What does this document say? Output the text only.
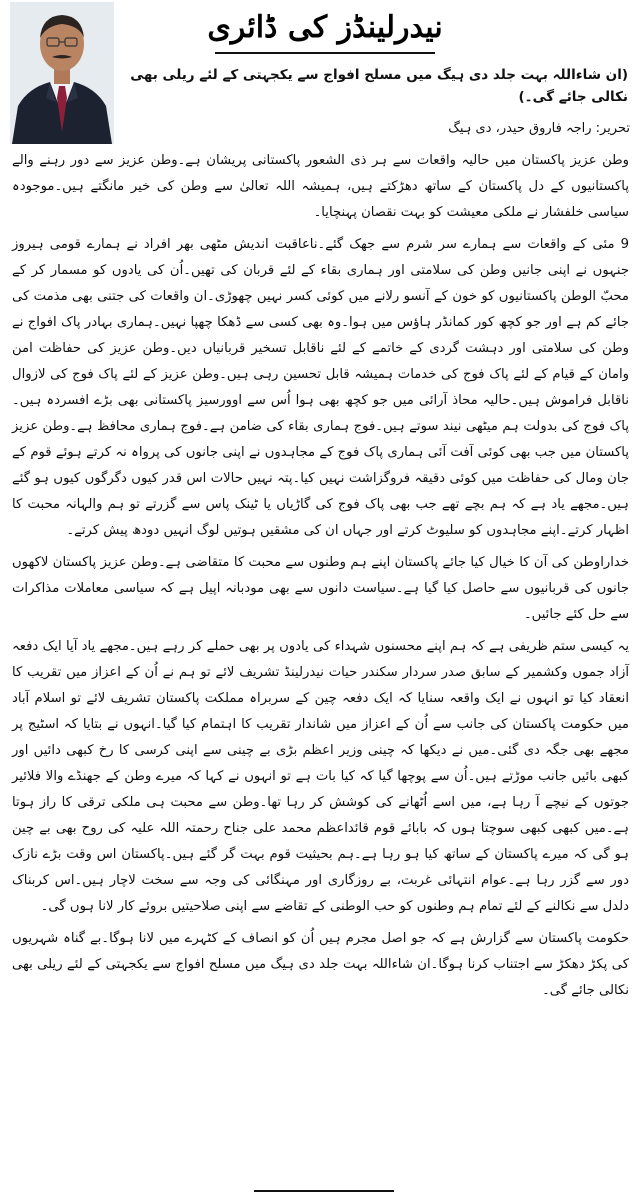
نیدرلینڈز کی ڈائری
(ان شاءاللہ بہت جلد دی ہیگ میں مسلح افواج سے یکجہتی کے لئے ریلی بھی نکالی جائے گی۔)
تحریر: راجہ فاروق حیدر، دی ہیگ

وطن عزیز پاکستان میں حالیہ واقعات سے ہر ذی الشعور پاکستانی پریشان ہے۔وطن عزیز سے دور رہنے والے پاکستانیوں کے دل پاکستان کے ساتھ دھڑکتے ہیں، ہمیشہ اللہ تعالیٰ سے وطن کی خیر مانگتے ہیں۔موجودہ سیاسی خلفشار نے ملکی معیشت کو بہت نقصان پہنچایا۔

9 مئی کے واقعات سے ہمارے سر شرم سے جھک گئے۔ناعاقبت اندیش مٹھی بھر افراد نے ہمارے قومی ہیروز جنہوں نے اپنی جانیں وطن کی سلامتی اور ہماری بقاء کے لئے قربان کی تھیں۔اُن کی یادوں کو مسمار کر کے محبّ الوطن پاکستانیوں کو خون کے آنسو رلانے میں کوئی کسر نہیں چھوڑی۔ان واقعات کی جتنی بھی مذمت کی جائے کم ہے اور جو کچھ کور کمانڈر ہاؤس میں ہوا۔وہ بھی کسی سے ڈھکا چھپا نہیں۔ہماری بہادر پاک افواج نے وطن کی سلامتی اور دہشت گردی کے خاتمے کے لئے ناقابل تسخیر قربانیاں دیں۔وطن عزیز کی حفاظت امن وامان کے قیام کے لئے پاک فوج کی خدمات ہمیشہ قابل تحسین رہی ہیں۔وطن عزیز کے لئے پاک فوج کی لازوال ناقابل فراموش ہیں۔حالیہ محاذ آرائی میں جو کچھ بھی ہوا اُس سے اوورسیز پاکستانی بھی بڑے افسردہ ہیں۔پاک فوج کی بدولت ہم میٹھی نیند سوتے ہیں۔فوج ہماری بقاء کی ضامن ہے۔فوج ہماری محافظ ہے۔وطن عزیز پاکستان میں جب بھی کوئی آفت آئی ہماری پاک فوج کے مجاہدوں نے اپنی جانوں کی پرواہ نہ کرتے ہوئے قوم کے جان ومال کی حفاظت میں کوئی دقیقہ فروگزاشت نہیں کیا۔پتہ نہیں حالات اس قدر کیوں دگرگوں کیوں ہو گئے ہیں۔مجھے یاد ہے کہ ہم بچے تھے جب بھی پاک فوج کی گاڑیاں یا ٹینک پاس سے گزرتے تو ہم والہانہ محبت کا اظہار کرتے۔اپنے مجاہدوں کو سلیوٹ کرتے اور جہاں ان کی مشقیں ہوتیں لوگ انہیں دودھ پیش کرتے۔

خداراوطن کی آن کا خیال کیا جائے پاکستان اپنے ہم وطنوں سے محبت کا متقاضی ہے۔وطن عزیز پاکستان لاکھوں جانوں کی قربانیوں سے حاصل کیا گیا ہے۔سیاست دانوں سے بھی مودبانہ اپیل ہے کہ سیاسی معاملات مذاکرات سے حل کئے جائیں۔

یہ کیسی ستم ظریفی ہے کہ ہم اپنے محسنوں شہداء کی یادوں پر بھی حملے کر رہے ہیں۔مجھے یاد آیا ایک دفعہ آزاد جموں وکشمیر کے سابق صدر سردار سکندر حیات نیدرلینڈ تشریف لائے تو ہم نے اُن کے اعزاز میں تقریب کا انعقاد کیا تو انہوں نے ایک واقعہ سنایا کہ ایک دفعہ چین کے سربراہ مملکت پاکستان تشریف لائے تو اسلام آباد میں حکومت پاکستان کی جانب سے اُن کے اعزاز میں شاندار تقریب کا اہتمام کیا گیا۔انہوں نے بتایا کہ اسٹیج پر مجھے بھی جگہ دی گئی۔میں نے دیکھا کہ چینی وزیر اعظم بڑی بے چینی سے اپنی کرسی کا رخ کبھی دائیں اور کبھی بائیں جانب موڑتے ہیں۔اُن سے پوچھا گیا کہ کیا بات ہے تو انہوں نے کہا کہ میرے وطن کے جھنڈے والا فلائیر جوتوں کے نیچے آ رہا ہے، میں اسے اُٹھانے کی کوشش کر رہا تھا۔وطن سے محبت ہی ملکی ترقی کا راز ہوتا ہے۔میں کبھی کبھی سوچتا ہوں کہ بابائے قوم قائداعظم محمد علی جناح رحمتہ اللہ علیہ کی روح بھی بے چین ہو گی کہ میرے پاکستان کے ساتھ کیا ہو رہا ہے۔ہم بحیثیت قوم بہت گر گئے ہیں۔پاکستان اس وقت بڑے نازک دور سے گزر رہا ہے۔عوام انتہائی غربت، بے روزگاری اور مہنگائی کی وجہ سے سخت لاچار ہیں۔اس کربناک دلدل سے نکالنے کے لئے تمام ہم وطنوں کو حب الوطنی کے تقاضے سے اپنی صلاحیتیں بروئے کار لانا ہوں گی۔

حکومت پاکستان سے گزارش ہے کہ جو اصل مجرم ہیں اُن کو انصاف کے کٹہرے میں لانا ہوگا۔بے گناہ شہریوں کی پکڑ دھکڑ سے اجتناب کرنا ہوگا۔ان شاءاللہ بہت جلد دی ہیگ میں مسلح افواج سے یکجہتی کے لئے ریلی بھی نکالی جائے گی۔
